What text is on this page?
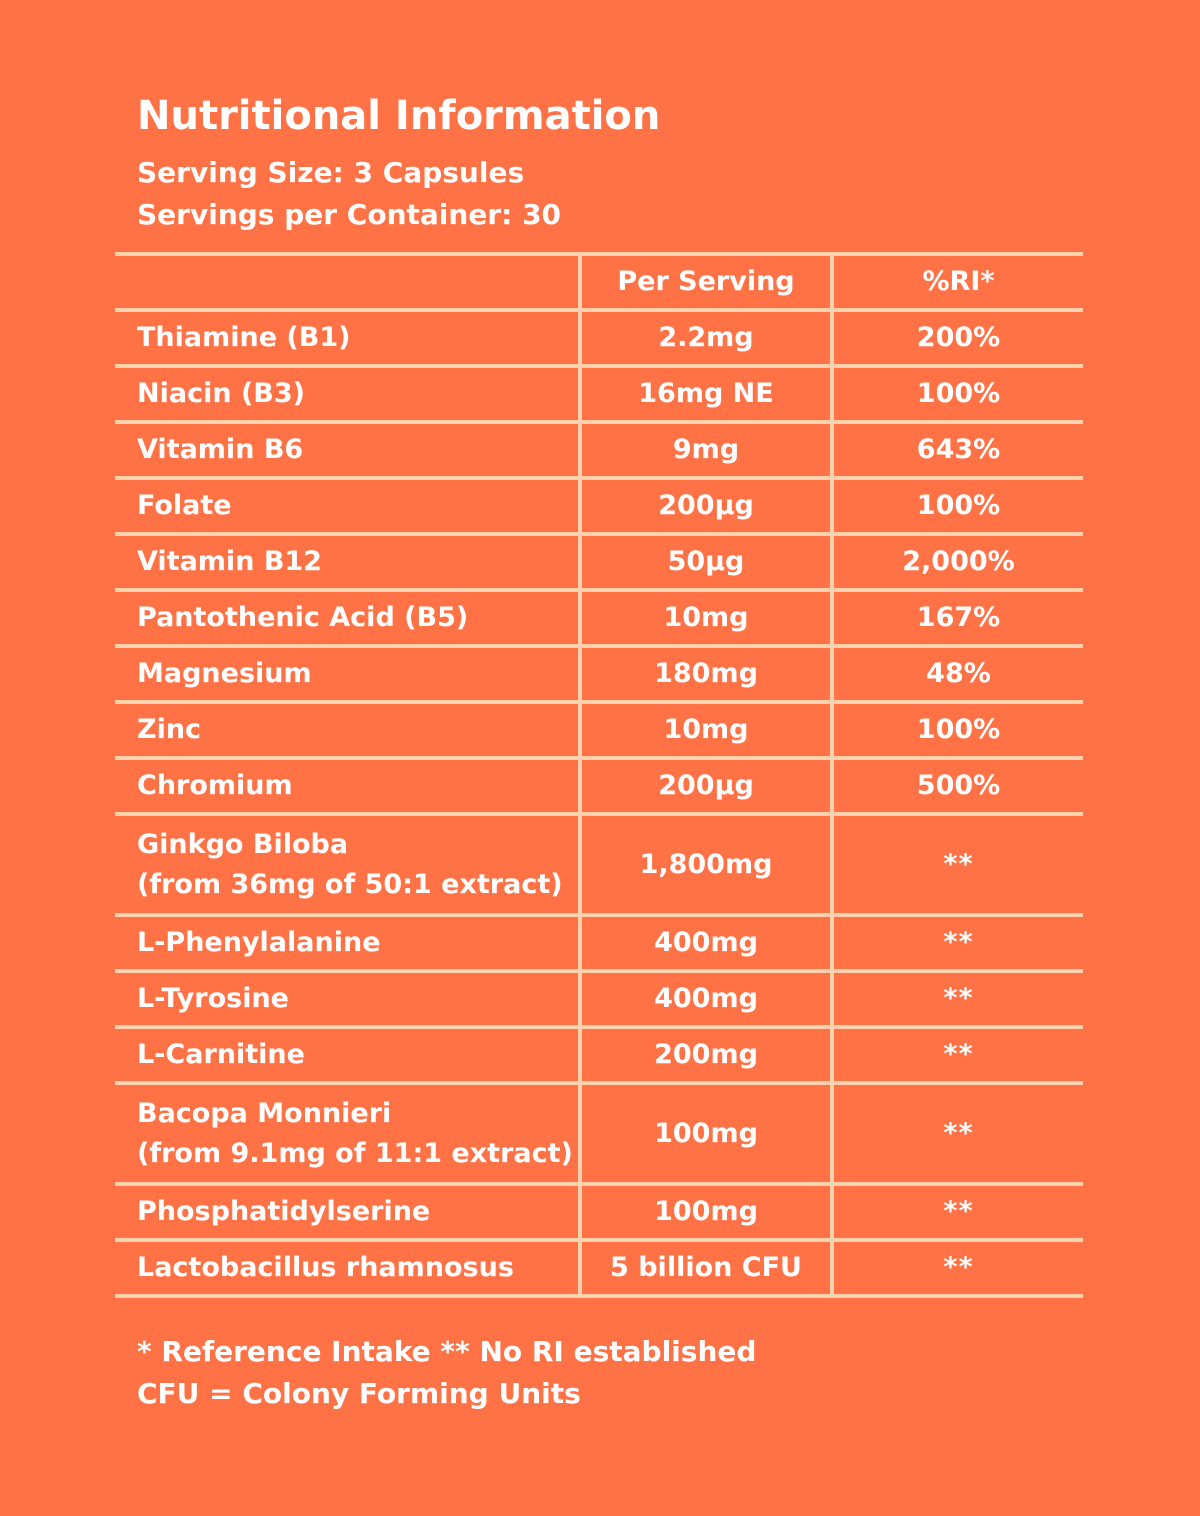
Nutritional Information
Serving Size: 3 Capsules
Servings per Container: 30
	Per Serving	%RI*
Thiamine (B1)	2.2mg	200%
Niacin (B3)	16mg NE	100%
Vitamin B6	9mg	643%
Folate	200µg	100%
Vitamin B12	50µg	2,000%
Pantothenic Acid (B5)	10mg	167%
Magnesium	180mg	48%
Zinc	10mg	100%
Chromium	200µg	500%

Ginkgo Biloba
(from 36mg of 50:1 extract)	1,800mg	**
L-Phenylalanine	400mg	**
L-Tyrosine	400mg	**
L-Carnitine	200mg	**

Bacopa Monnieri
(from 9.1mg of 11:1 extract)	100mg	**
Phosphatidylserine	100mg	**
Lactobacillus rhamnosus	5 billion CFU	**
* Reference Intake ** No RI established
CFU = Colony Forming Units
